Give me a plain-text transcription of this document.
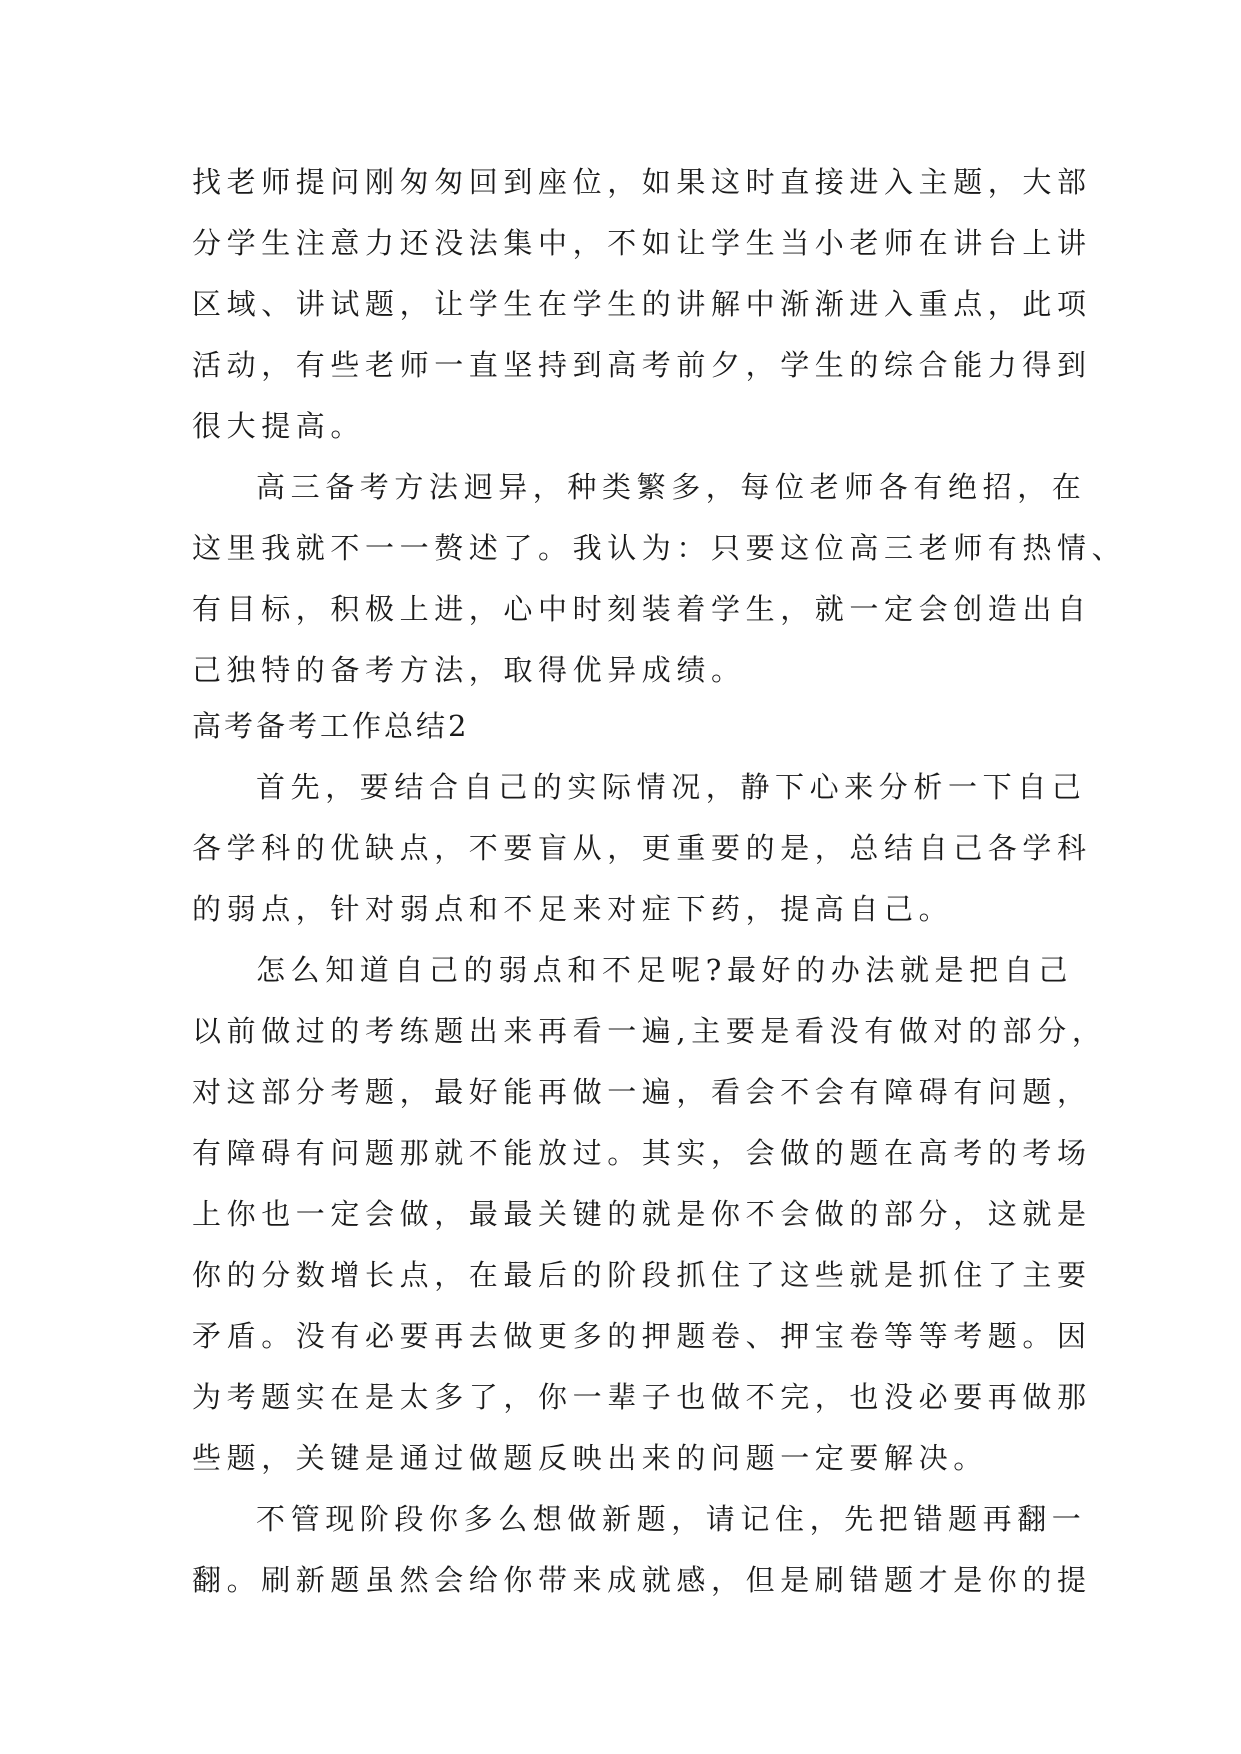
找老师提问刚匆匆回到座位，如果这时直接进入主题，大部
分学生注意力还没法集中，不如让学生当小老师在讲台上讲
区域、讲试题，让学生在学生的讲解中渐渐进入重点，此项
活动，有些老师一直坚持到高考前夕，学生的综合能力得到
很大提高。
高三备考方法迥异，种类繁多，每位老师各有绝招，在
这里我就不一一赘述了。我认为：只要这位高三老师有热情、
有目标，积极上进，心中时刻装着学生，就一定会创造出自
己独特的备考方法，取得优异成绩。
高考备考工作总结2
首先，要结合自己的实际情况，静下心来分析一下自己
各学科的优缺点，不要盲从，更重要的是，总结自己各学科
的弱点，针对弱点和不足来对症下药，提高自己。
怎么知道自己的弱点和不足呢?最好的办法就是把自己
以前做过的考练题出来再看一遍,主要是看没有做对的部分，
对这部分考题，最好能再做一遍，看会不会有障碍有问题，
有障碍有问题那就不能放过。其实，会做的题在高考的考场
上你也一定会做，最最关键的就是你不会做的部分，这就是
你的分数增长点，在最后的阶段抓住了这些就是抓住了主要
矛盾。没有必要再去做更多的押题卷、押宝卷等等考题。因
为考题实在是太多了，你一辈子也做不完，也没必要再做那
些题，关键是通过做题反映出来的问题一定要解决。
不管现阶段你多么想做新题，请记住，先把错题再翻一
翻。刷新题虽然会给你带来成就感，但是刷错题才是你的提
